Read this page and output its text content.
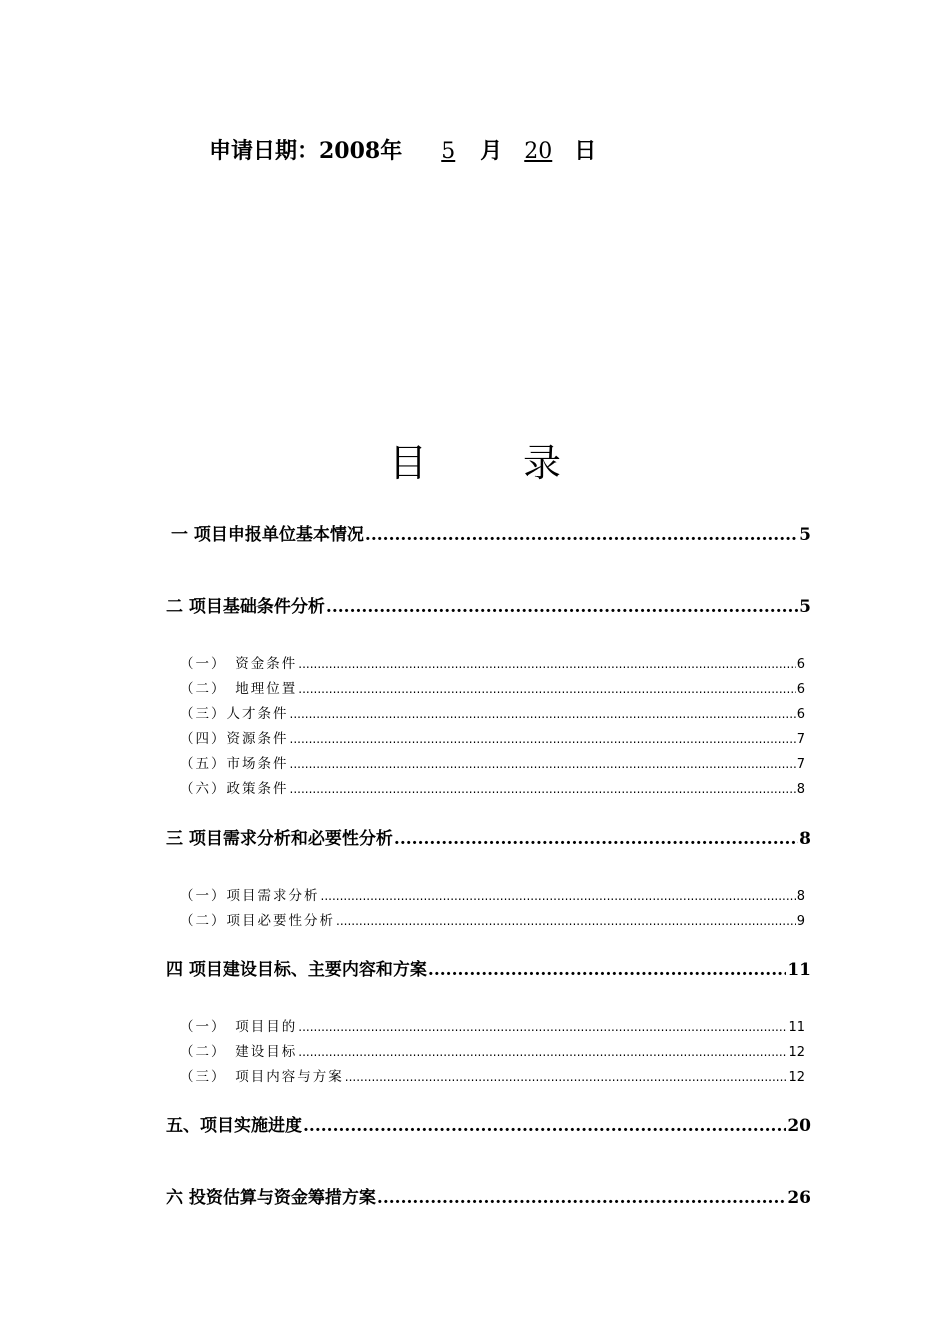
申请日期：2008年	5	月	20	日
目 录
一 项目申报单位基本情况 .....	5
二 项目基础条件分析 .....	5
（一）　资金条件 .....	6
（二）　地理位置 .....	6
（三）人才条件 .....	6
（四）资源条件 .....	7
（五）市场条件 .....	7
（六）政策条件 .....	8
三 项目需求分析和必要性分析 .....	8
（一）项目需求分析 .....	8
（二）项目必要性分析 .....	9
四 项目建设目标、主要内容和方案 .....	11
（一）　项目目的 .....	11
（二）　建设目标 .....	12
（三）　项目内容与方案 .....	12
五、项目实施进度 .....	20
六 投资估算与资金筹措方案 .....	26
